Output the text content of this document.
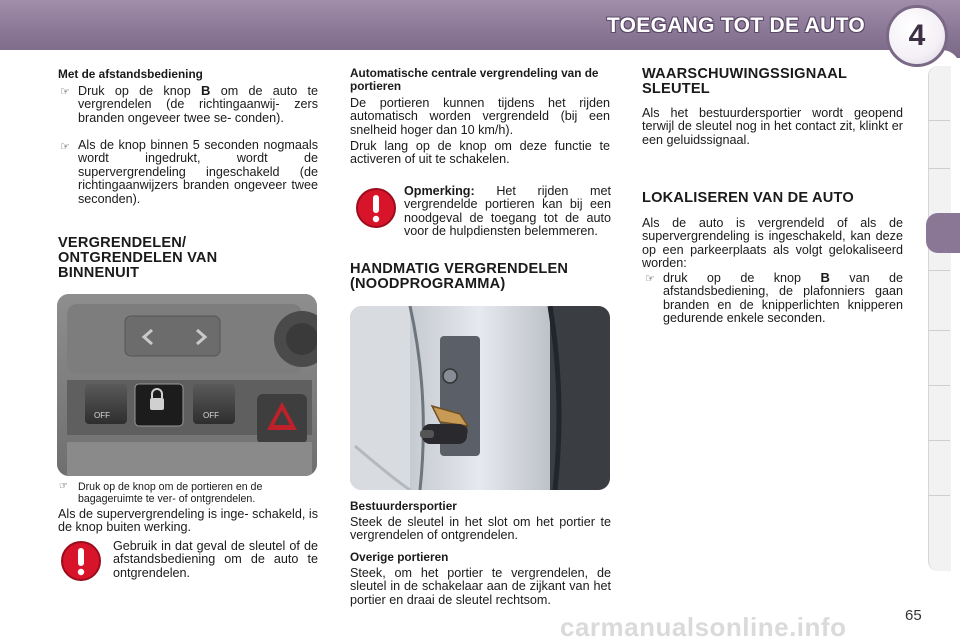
TOEGANG TOT DE AUTO	4
Met de afstandsbediening
☞ Druk op de knop B om de auto te vergrendelen (de richtingaanwij- zers branden ongeveer twee se- conden).
☞ Als de knop binnen 5 seconden nogmaals wordt ingedrukt, wordt de supervergrendeling ingeschakeld (de richtingaanwijzers branden ongeveer twee seconden).
VERGRENDELEN/ ONTGRENDELEN VAN BINNENUIT
OFF	OFF
☞ Druk op de knop om de portieren en de bagageruimte te ver- of ontgrendelen.
Als de supervergrendeling is inge- schakeld, is de knop buiten werking.
Gebruik in dat geval de sleutel of de afstandsbediening om de auto te ontgrendelen.
Automatische centrale vergrendeling van de portieren
De portieren kunnen tijdens het rijden automatisch worden vergrendeld (bij een snelheid hoger dan 10 km/h).
Druk lang op de knop om deze functie te activeren of uit te schakelen.
Opmerking: Het rijden met vergrendelde portieren kan bij een noodgeval de toegang tot de auto voor de hulpdiensten belemmeren.
HANDMATIG VERGRENDELEN (NOODPROGRAMMA)
Bestuurdersportier
Steek de sleutel in het slot om het portier te vergrendelen of ontgrendelen.
Overige portieren
Steek, om het portier te vergrendelen, de sleutel in de schakelaar aan de zijkant van het portier en draai de sleutel rechtsom.
WAARSCHUWINGSSIGNAAL SLEUTEL
Als het bestuurdersportier wordt geopend terwijl de sleutel nog in het contact zit, klinkt er een geluidssignaal.
LOKALISEREN VAN DE AUTO
Als de auto is vergrendeld of als de supervergrendeling is ingeschakeld, kan deze op een parkeerplaats als volgt gelokaliseerd worden:
☞ druk op de knop B van de afstandsbediening, de plafonniers gaan branden en de knipperlichten knipperen gedurende enkele seconden.
65
carmanualsonline.info
